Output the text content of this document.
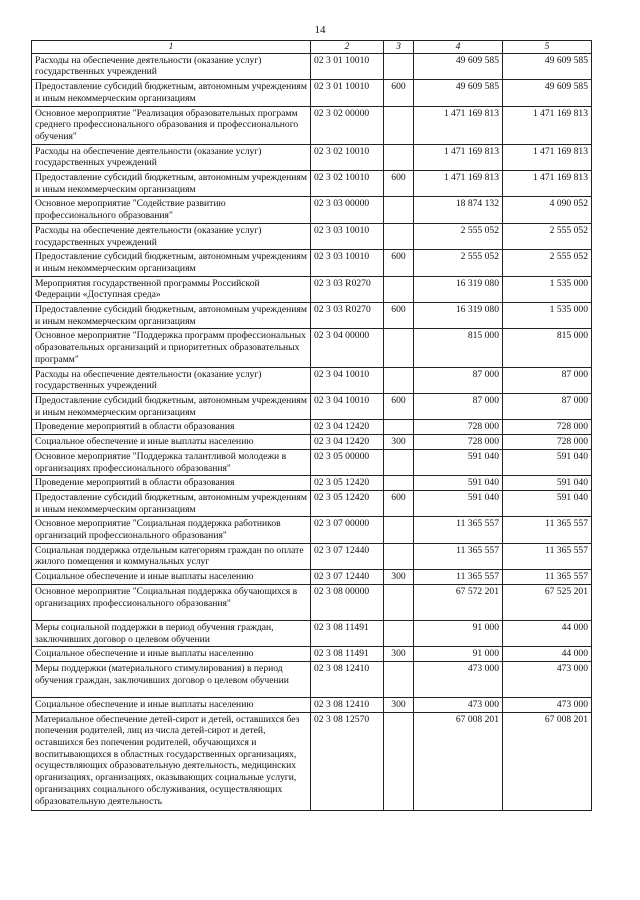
14
1	2	3	4	5
Расходы на обеспечение деятельности (оказание услуг) государственных учреждений	02 3 01 10010		49 609 585	49 609 585
Предоставление субсидий бюджетным, автономным учреждениям и иным некоммерческим организациям	02 3 01 10010	600	49 609 585	49 609 585
Основное мероприятие "Реализация образовательных программ среднего профессионального образования и профессионального обучения"	02 3 02 00000		1 471 169 813	1 471 169 813
Расходы на обеспечение деятельности (оказание услуг) государственных учреждений	02 3 02 10010		1 471 169 813	1 471 169 813
Предоставление субсидий бюджетным, автономным учреждениям и иным некоммерческим организациям	02 3 02 10010	600	1 471 169 813	1 471 169 813
Основное мероприятие "Содействие развитию профессионального образования"	02 3 03 00000		18 874 132	4 090 052
Расходы на обеспечение деятельности (оказание услуг) государственных учреждений	02 3 03 10010		2 555 052	2 555 052
Предоставление субсидий бюджетным, автономным учреждениям и иным некоммерческим организациям	02 3 03 10010	600	2 555 052	2 555 052
Мероприятия государственной программы Российской Федерации «Доступная среда»	02 3 03 R0270		16 319 080	1 535 000
Предоставление субсидий бюджетным, автономным учреждениям и иным некоммерческим организациям	02 3 03 R0270	600	16 319 080	1 535 000
Основное мероприятие "Поддержка программ профессиональных образовательных организаций и приоритетных образовательных программ"	02 3 04 00000		815 000	815 000
Расходы на обеспечение деятельности (оказание услуг) государственных учреждений	02 3 04 10010		87 000	87 000
Предоставление субсидий бюджетным, автономным учреждениям и иным некоммерческим организациям	02 3 04 10010	600	87 000	87 000
Проведение мероприятий в области образования	02 3 04 12420		728 000	728 000
Социальное обеспечение и иные выплаты населению	02 3 04 12420	300	728 000	728 000
Основное мероприятие "Поддержка талантливой молодежи в организациях профессионального образования"	02 3 05 00000		591 040	591 040
Проведение мероприятий в области образования	02 3 05 12420		591 040	591 040
Предоставление субсидий бюджетным, автономным учреждениям и иным некоммерческим организациям	02 3 05 12420	600	591 040	591 040
Основное мероприятие "Социальная поддержка работников организаций профессионального образования"	02 3 07 00000		11 365 557	11 365 557
Социальная поддержка отдельным категориям граждан по оплате жилого помещения и коммунальных услуг	02 3 07 12440		11 365 557	11 365 557
Социальное обеспечение и иные выплаты населению	02 3 07 12440	300	11 365 557	11 365 557
Основное мероприятие "Социальная поддержка обучающихся в организациях профессионального образования"	02 3 08 00000		67 572 201	67 525 201
Меры социальной поддержки в период обучения граждан, заключивших договор о целевом обучении	02 3 08 11491		91 000	44 000
Социальное обеспечение и иные выплаты населению	02 3 08 11491	300	91 000	44 000
Меры поддержки (материального стимулирования) в период обучения граждан, заключивших договор о целевом обучении	02 3 08 12410		473 000	473 000
Социальное обеспечение и иные выплаты населению	02 3 08 12410	300	473 000	473 000
Материальное обеспечение детей-сирот и детей, оставшихся без попечения родителей, лиц из числа детей-сирот и детей, оставшихся без попечения родителей, обучающихся и воспитывающихся в областных государственных организациях, осуществляющих образовательную деятельность, медицинских организациях, организациях, оказывающих социальные услуги, организациях социального обслуживания, осуществляющих образовательную деятельность	02 3 08 12570		67 008 201	67 008 201
